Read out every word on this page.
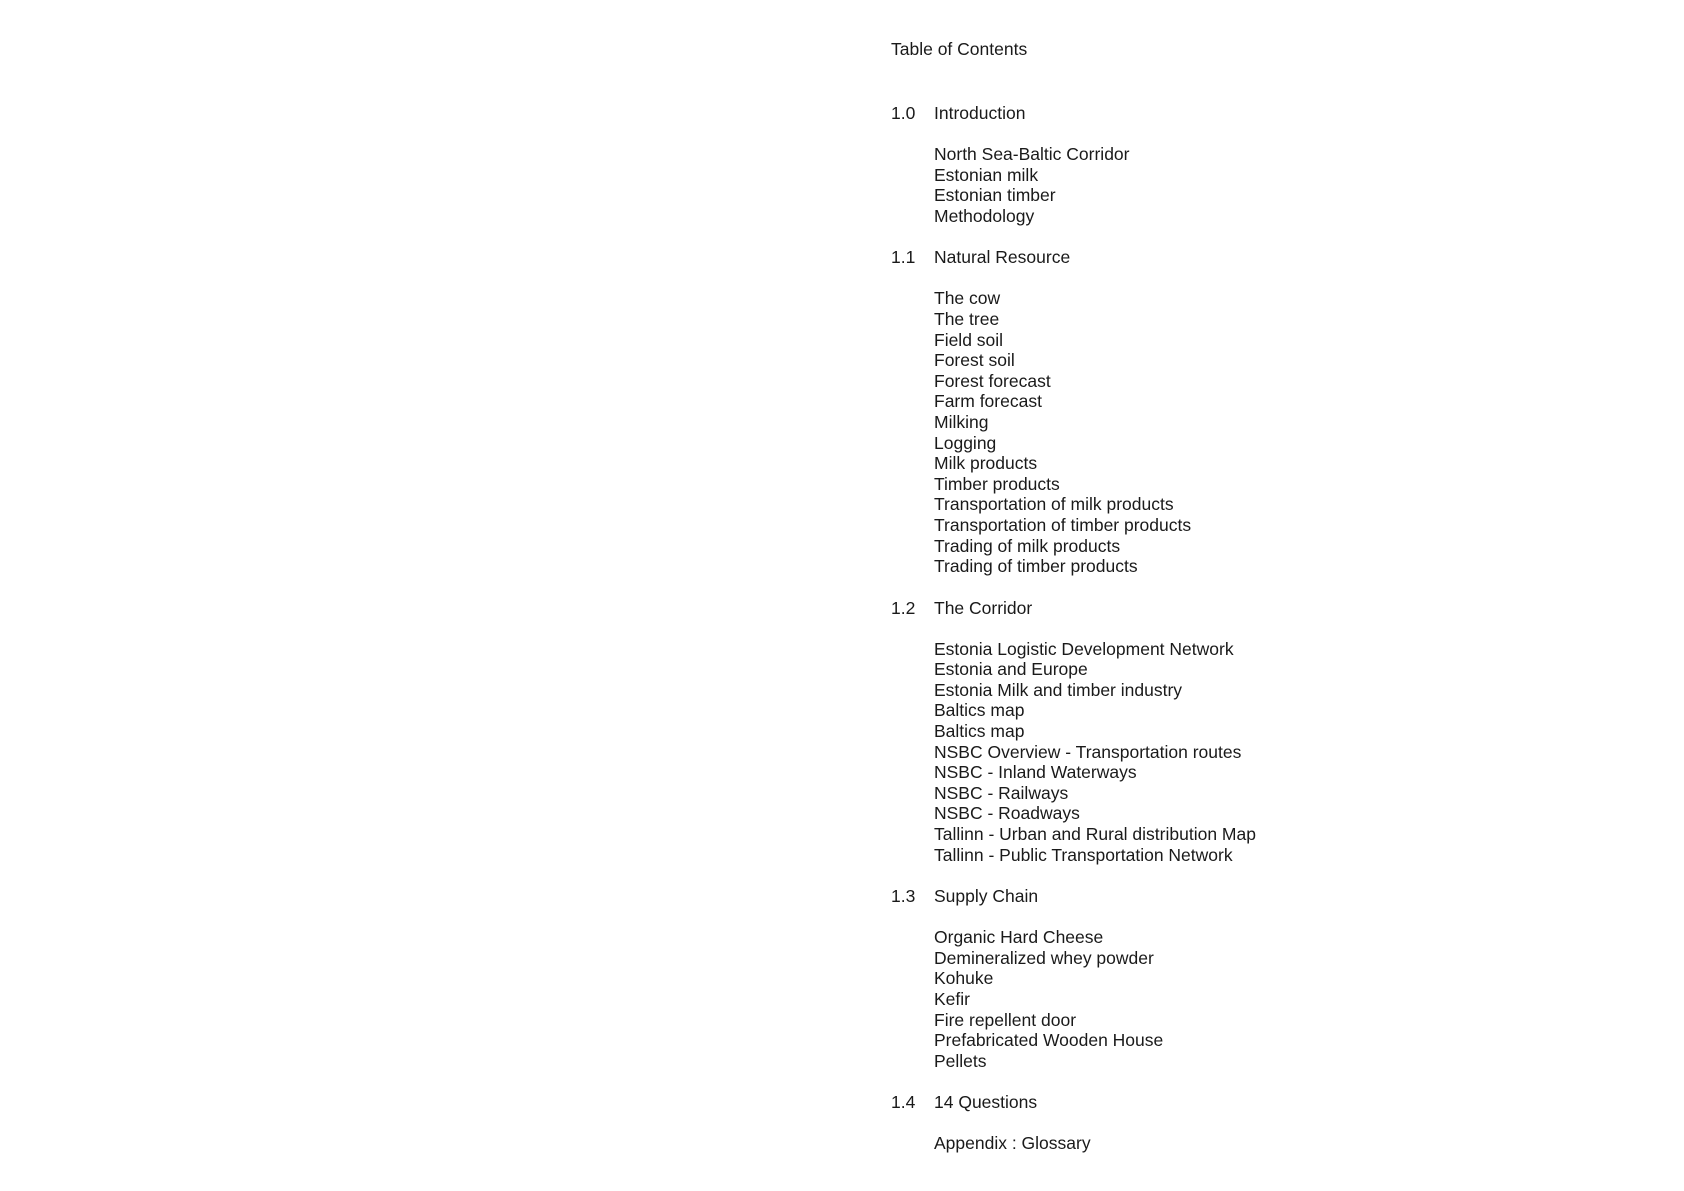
Table of Contents
1.0	Introduction
North Sea-Baltic Corridor
Estonian milk
Estonian timber
Methodology
1.1	Natural Resource
The cow
The tree
Field soil
Forest soil
Forest forecast
Farm forecast
Milking
Logging
Milk products
Timber products
Transportation of milk products
Transportation of timber products
Trading of milk products
Trading of timber products
1.2	The Corridor
Estonia Logistic Development Network
Estonia and Europe
Estonia Milk and timber industry
Baltics map
Baltics map
NSBC Overview - Transportation routes
NSBC - Inland Waterways
NSBC - Railways
NSBC - Roadways
Tallinn - Urban and Rural distribution Map
Tallinn - Public Transportation Network
1.3	Supply Chain
Organic Hard Cheese
Demineralized whey powder
Kohuke
Kefir
Fire repellent door
Prefabricated Wooden House
Pellets
1.4	14 Questions
Appendix : Glossary
